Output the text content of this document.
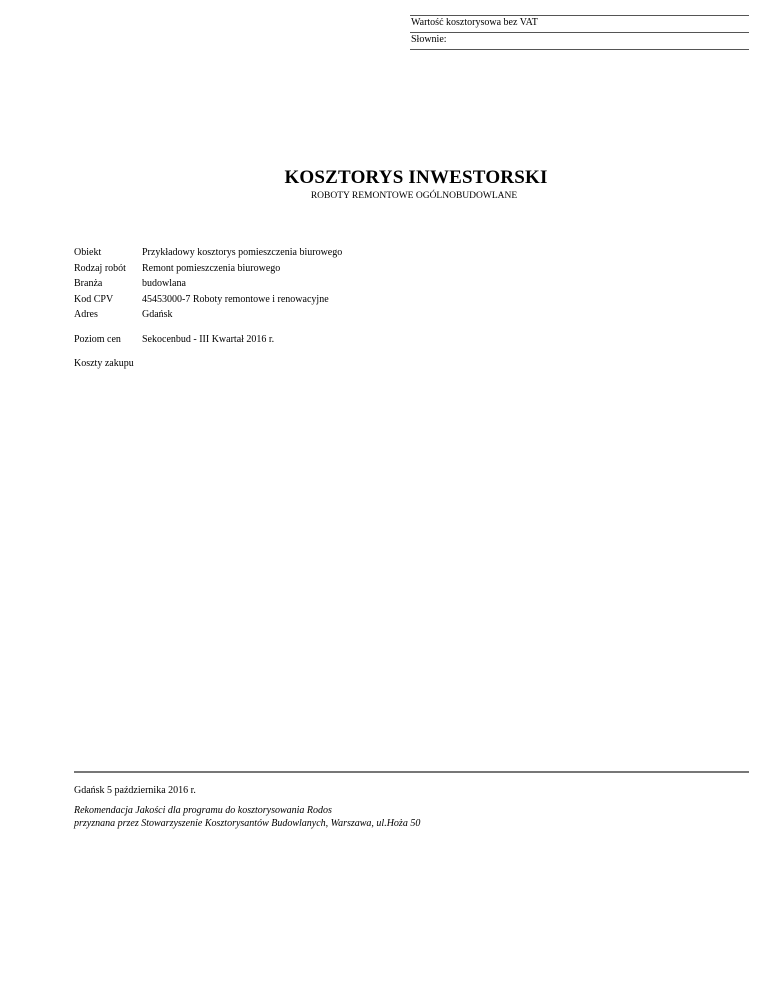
Wartość kosztorysowa bez VAT
Słownie:
KOSZTORYS INWESTORSKI
ROBOTY REMONTOWE OGÓLNOBUDOWLANE
Obiekt	Przykładowy kosztorys pomieszczenia biurowego
Rodzaj robót	Remont pomieszczenia biurowego
Branża	budowlana
Kod CPV	45453000-7 Roboty remontowe i renowacyjne
Adres	Gdańsk
Poziom cen	Sekocenbud - III Kwartał 2016 r.
Koszty zakupu
Gdańsk 5 października 2016 r.
Rekomendacja Jakości dla programu do kosztorysowania Rodos
przyznana przez Stowarzyszenie Kosztorysantów Budowlanych, Warszawa, ul.Hoża 50
